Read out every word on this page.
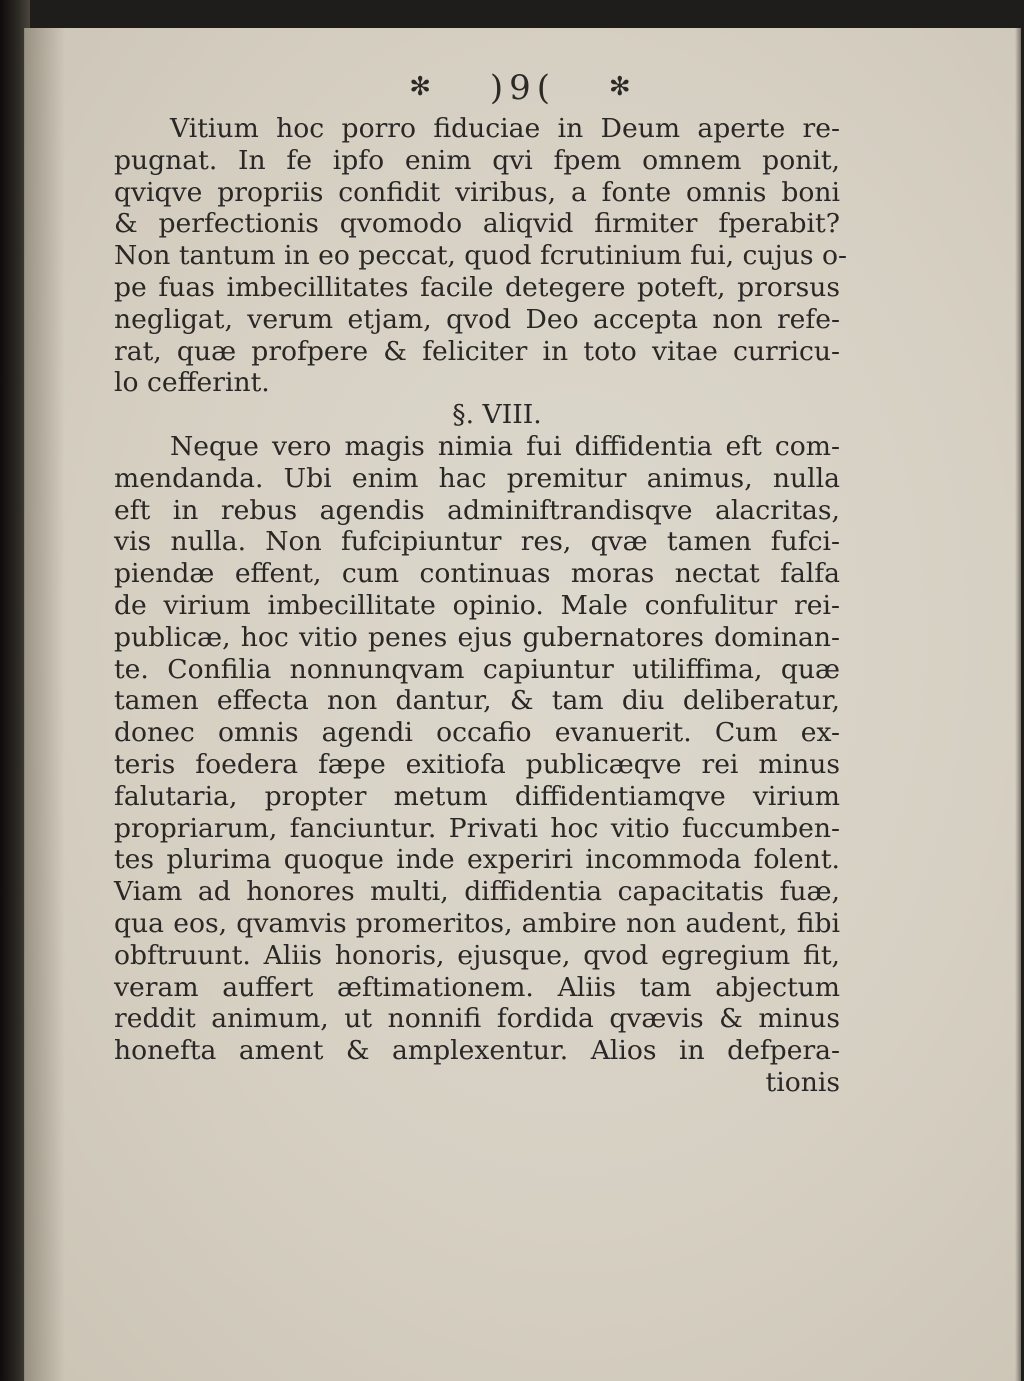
✻ )9( ✻
Vitium hoc porro fiduciae in Deum aperte re-
pugnat. In fe ipfo enim qvi fpem omnem ponit,
qviqve propriis confidit viribus, a fonte omnis boni
& perfectionis qvomodo aliqvid firmiter fperabit?
Non tantum in eo peccat, quod fcrutinium fui, cujus o-
pe fuas imbecillitates facile detegere poteft, prorsus
negligat, verum etjam, qvod Deo accepta non refe-
rat, quæ profpere & feliciter in toto vitae curricu-
lo cefferint.
§. VIII.
Neque vero magis nimia fui diffidentia eft com-
mendanda. Ubi enim hac premitur animus, nulla
eft in rebus agendis adminiftrandisqve alacritas,
vis nulla. Non fufcipiuntur res, qvæ tamen fufci-
piendæ effent, cum continuas moras nectat falfa
de virium imbecillitate opinio. Male confulitur rei-
publicæ, hoc vitio penes ejus gubernatores dominan-
te. Confilia nonnunqvam capiuntur utiliffima, quæ
tamen effecta non dantur, & tam diu deliberatur,
donec omnis agendi occafio evanuerit. Cum ex-
teris foedera fæpe exitiofa publicæqve rei minus
falutaria, propter metum diffidentiamqve virium
propriarum, fanciuntur. Privati hoc vitio fuccumben-
tes plurima quoque inde experiri incommoda folent.
Viam ad honores multi, diffidentia capacitatis fuæ,
qua eos, qvamvis promeritos, ambire non audent, fibi
obftruunt. Aliis honoris, ejusque, qvod egregium fit,
veram auffert æftimationem. Aliis tam abjectum
reddit animum, ut nonnifi fordida qvævis & minus
honefta ament & amplexentur. Alios in defpera-
tionis
